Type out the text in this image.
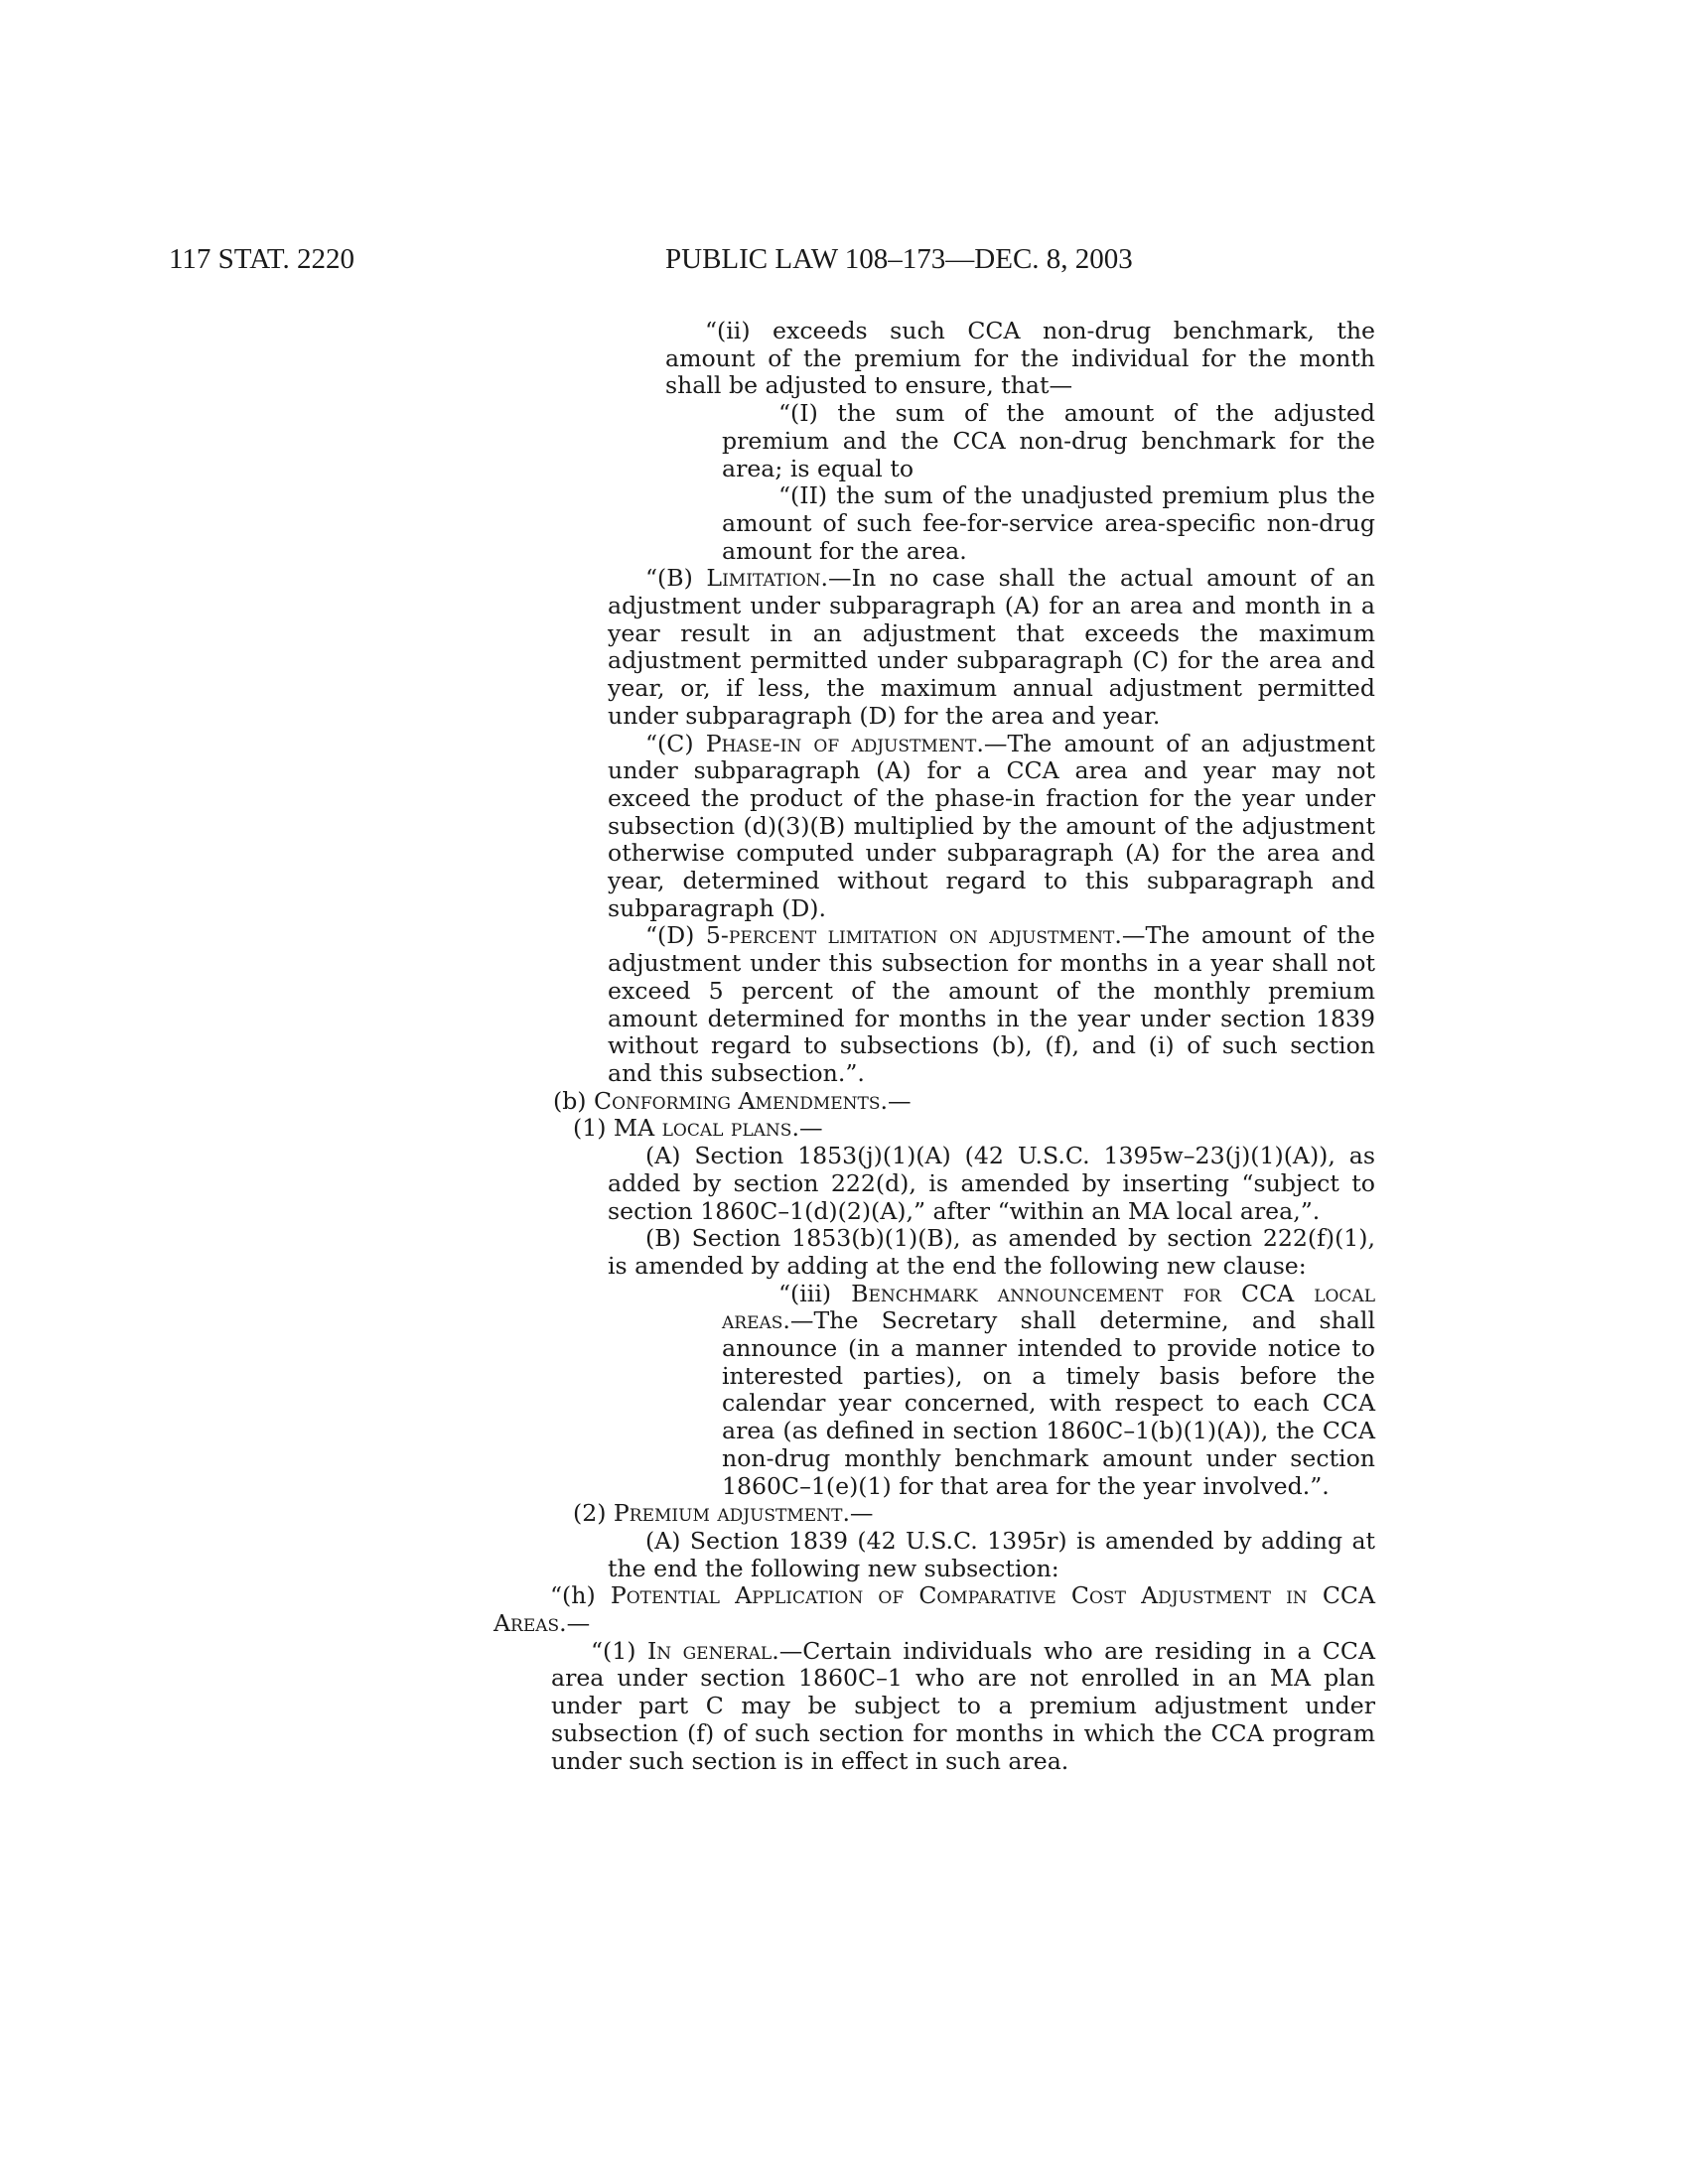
117 STAT. 2220	PUBLIC LAW 108–173—DEC. 8, 2003

“(ii) exceeds such CCA non-drug benchmark, the amount of the premium for the individual for the month shall be adjusted to ensure, that—

“(I) the sum of the amount of the adjusted premium and the CCA non-drug benchmark for the area; is equal to

“(II) the sum of the unadjusted premium plus the amount of such fee-for-service area-specific non-drug amount for the area.

“(B) Limitation.—In no case shall the actual amount of an adjustment under subparagraph (A) for an area and month in a year result in an adjustment that exceeds the maximum adjustment permitted under subparagraph (C) for the area and year, or, if less, the maximum annual adjustment permitted under subparagraph (D) for the area and year.

“(C) Phase-in of adjustment.—The amount of an adjustment under subparagraph (A) for a CCA area and year may not exceed the product of the phase-in fraction for the year under subsection (d)(3)(B) multiplied by the amount of the adjustment otherwise computed under subparagraph (A) for the area and year, determined without regard to this subparagraph and subparagraph (D).

“(D) 5-percent limitation on adjustment.—The amount of the adjustment under this subsection for months in a year shall not exceed 5 percent of the amount of the monthly premium amount determined for months in the year under section 1839 without regard to subsections (b), (f), and (i) of such section and this subsection.”.

(b) Conforming Amendments.—

(1) MA local plans.—

(A) Section 1853(j)(1)(A) (42 U.S.C. 1395w–23(j)(1)(A)), as added by section 222(d), is amended by inserting “subject to section 1860C–1(d)(2)(A),” after “within an MA local area,”.

(B) Section 1853(b)(1)(B), as amended by section 222(f)(1), is amended by adding at the end the following new clause:

“(iii) Benchmark announcement for CCA local areas.—The Secretary shall determine, and shall announce (in a manner intended to provide notice to interested parties), on a timely basis before the calendar year concerned, with respect to each CCA area (as defined in section 1860C–1(b)(1)(A)), the CCA non-drug monthly benchmark amount under section 1860C–1(e)(1) for that area for the year involved.”.

(2) Premium adjustment.—

(A) Section 1839 (42 U.S.C. 1395r) is amended by adding at the end the following new subsection:

“(h) Potential Application of Comparative Cost Adjustment in CCA Areas.—

“(1) In general.—Certain individuals who are residing in a CCA area under section 1860C–1 who are not enrolled in an MA plan under part C may be subject to a premium adjustment under subsection (f) of such section for months in which the CCA program under such section is in effect in such area.
